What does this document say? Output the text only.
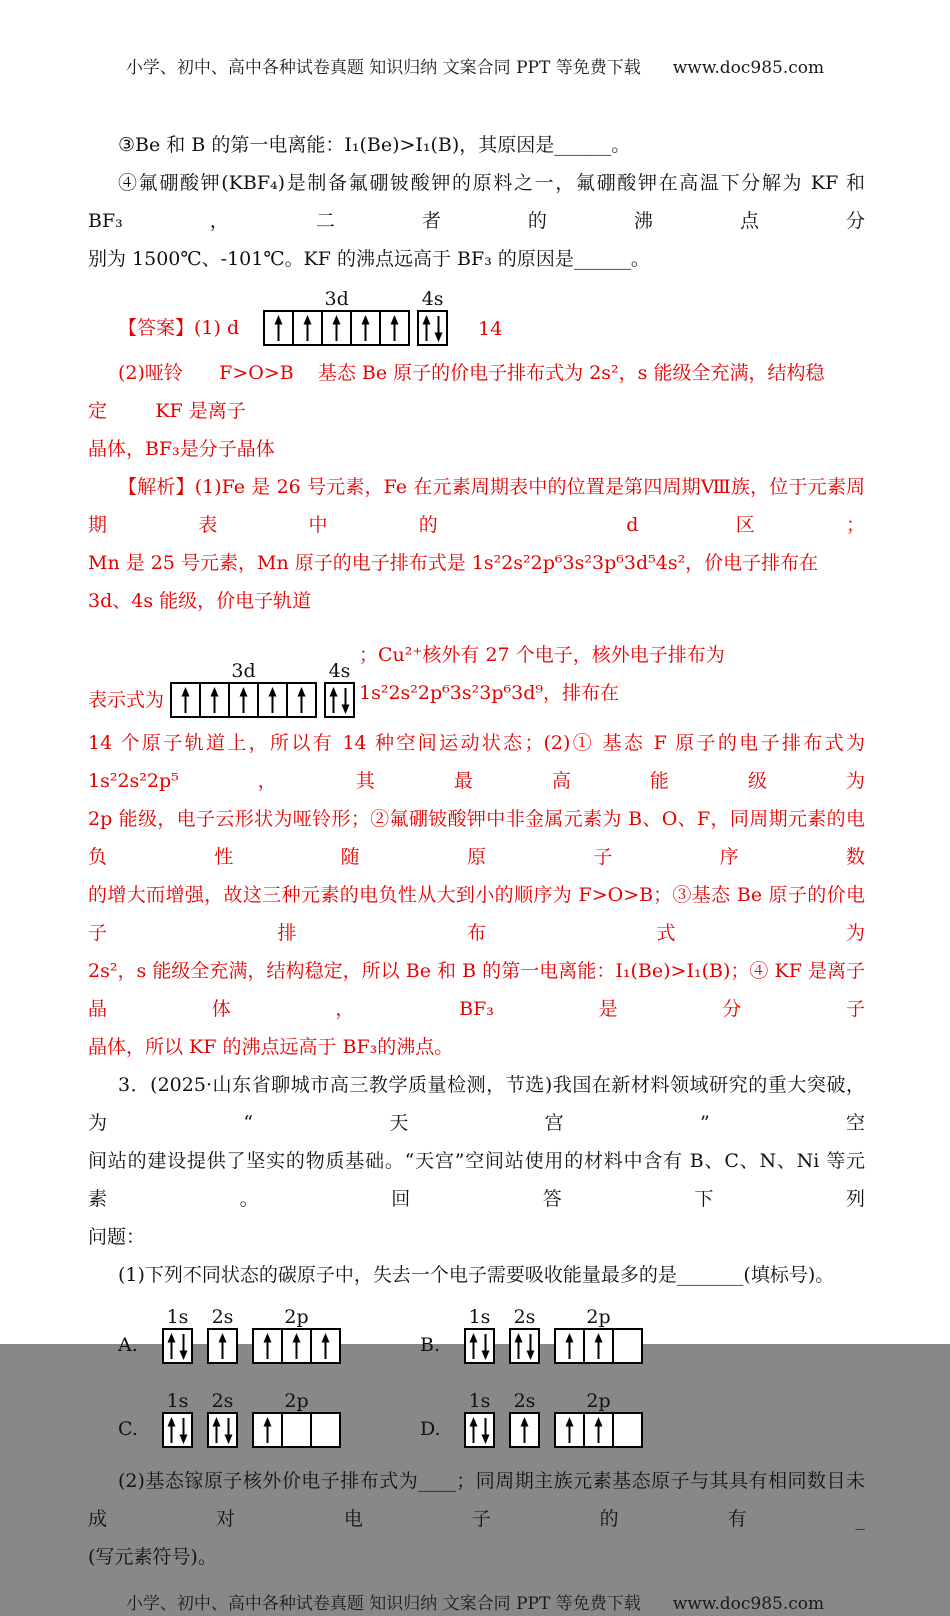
小学、初中、高中各种试卷真题 知识归纳 文案合同 PPT 等免费下载 www.doc985.com
③Be 和 B 的第一电离能：I₁(Be)>I₁(B)，其原因是______。
④氟硼酸钾(KBF₄)是制备氟硼铍酸钾的原料之一，氟硼酸钾在高温下分解为 KF 和 BF₃，二者的沸点分
别为 1500℃、-101℃。KF 的沸点远高于 BF₃ 的原因是______。
【答案】(1) d
3d	4s
14
(2)哑铃      F>O>B    基态 Be 原子的价电子排布式为 2s²，s 能级全充满，结构稳定        KF 是离子
晶体，BF₃是分子晶体
【解析】(1)Fe 是 26 号元素，Fe 在元素周期表中的位置是第四周期Ⅷ族，位于元素周期表中的 d 区；
Mn 是 25 号元素，Mn 原子的电子排布式是 1s²2s²2p⁶3s²3p⁶3d⁵4s²，价电子排布在 3d、4s 能级，价电子轨道
表示式为
3d	4s
；Cu²⁺核外有 27 个电子，核外电子排布为 1s²2s²2p⁶3s²3p⁶3d⁹，排布在
14 个原子轨道上，所以有 14 种空间运动状态；(2)① 基态 F 原子的电子排布式为 1s²2s²2p⁵，其最高能级为
2p 能级，电子云形状为哑铃形；②氟硼铍酸钾中非金属元素为 B、O、F，同周期元素的电负性随原子序数
的增大而增强，故这三种元素的电负性从大到小的顺序为 F>O>B；③基态 Be 原子的价电子排布式为
2s²，s 能级全充满，结构稳定，所以 Be 和 B 的第一电离能：I₁(Be)>I₁(B)；④ KF 是离子晶体，BF₃是分子
晶体，所以 KF 的沸点远高于 BF₃的沸点。
3．(2025·山东省聊城市高三教学质量检测，节选)我国在新材料领域研究的重大突破，为“天宫”空
间站的建设提供了坚实的物质基础。“天宫”空间站使用的材料中含有 B、C、N、Ni 等元素。回答下列
问题：
(1)下列不同状态的碳原子中，失去一个电子需要吸收能量最多的是_______(填标号)。
A.
1s 2s	2p
B.
1s 2s	2p
C.
1s 2s	2p
D.
1s 2s	2p
(2)基态镓原子核外价电子排布式为____；同周期主族元素基态原子与其具有相同数目未成对电子的有_
(写元素符号)。
小学、初中、高中各种试卷真题 知识归纳 文案合同 PPT 等免费下载 www.doc985.com
